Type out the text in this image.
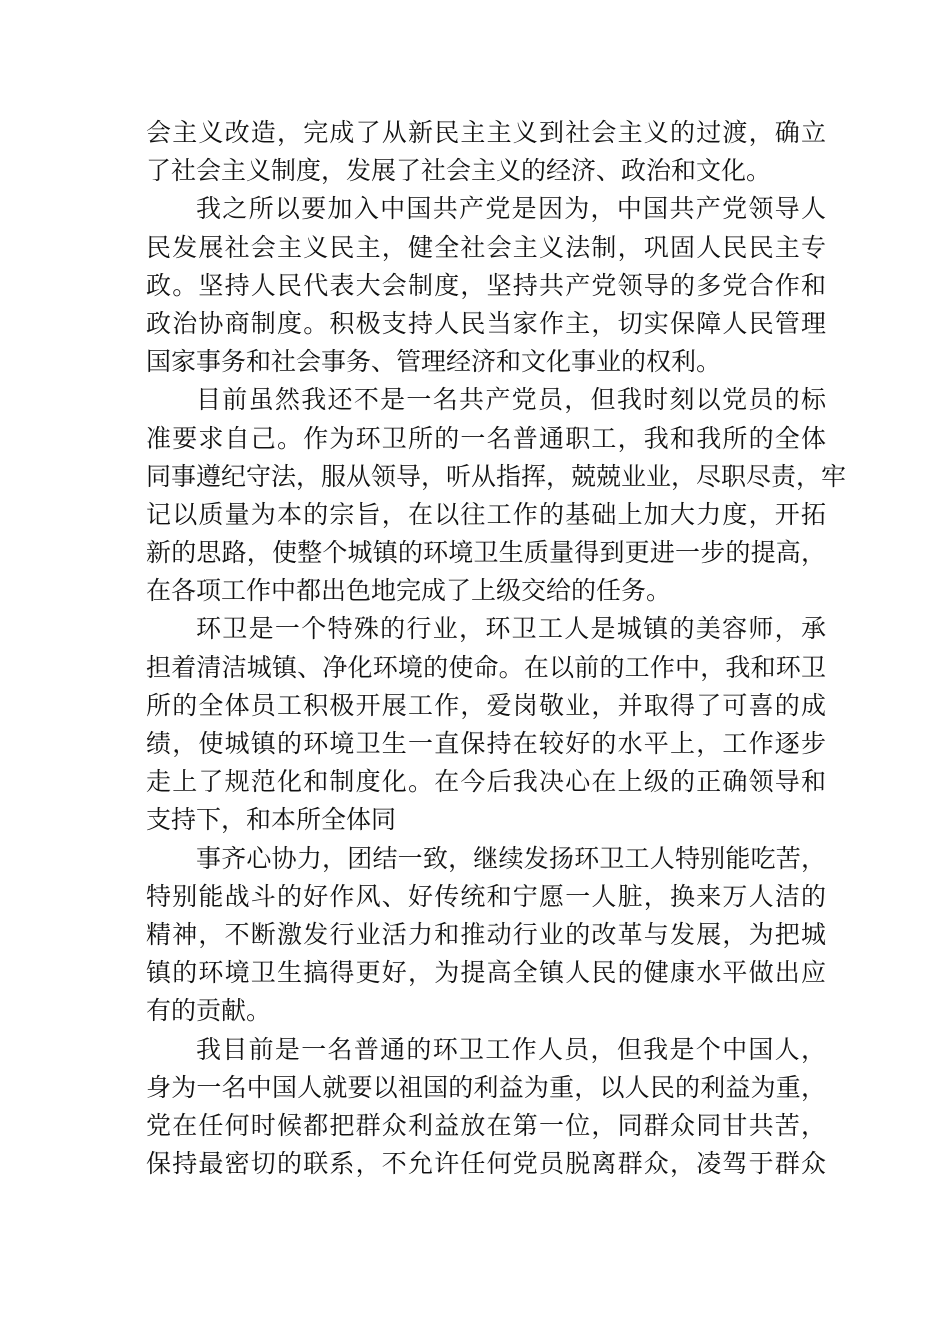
会主义改造，完成了从新民主主义到社会主义的过渡，确立
了社会主义制度，发展了社会主义的经济、政治和文化。
我之所以要加入中国共产党是因为，中国共产党领导人
民发展社会主义民主，健全社会主义法制，巩固人民民主专
政。坚持人民代表大会制度，坚持共产党领导的多党合作和
政治协商制度。积极支持人民当家作主，切实保障人民管理
国家事务和社会事务、管理经济和文化事业的权利。
目前虽然我还不是一名共产党员，但我时刻以党员的标
准要求自己。作为环卫所的一名普通职工，我和我所的全体
同事遵纪守法，服从领导，听从指挥，兢兢业业，尽职尽责，牢
记以质量为本的宗旨，在以往工作的基础上加大力度，开拓
新的思路，使整个城镇的环境卫生质量得到更进一步的提高，
在各项工作中都出色地完成了上级交给的任务。
环卫是一个特殊的行业，环卫工人是城镇的美容师，承
担着清洁城镇、净化环境的使命。在以前的工作中，我和环卫
所的全体员工积极开展工作，爱岗敬业，并取得了可喜的成
绩，使城镇的环境卫生一直保持在较好的水平上，工作逐步
走上了规范化和制度化。在今后我决心在上级的正确领导和
支持下，和本所全体同
事齐心协力，团结一致，继续发扬环卫工人特别能吃苦，
特别能战斗的好作风、好传统和宁愿一人脏，换来万人洁的
精神，不断激发行业活力和推动行业的改革与发展，为把城
镇的环境卫生搞得更好，为提高全镇人民的健康水平做出应
有的贡献。
我目前是一名普通的环卫工作人员，但我是个中国人，
身为一名中国人就要以祖国的利益为重，以人民的利益为重，
党在任何时候都把群众利益放在第一位，同群众同甘共苦，
保持最密切的联系，不允许任何党员脱离群众，凌驾于群众
